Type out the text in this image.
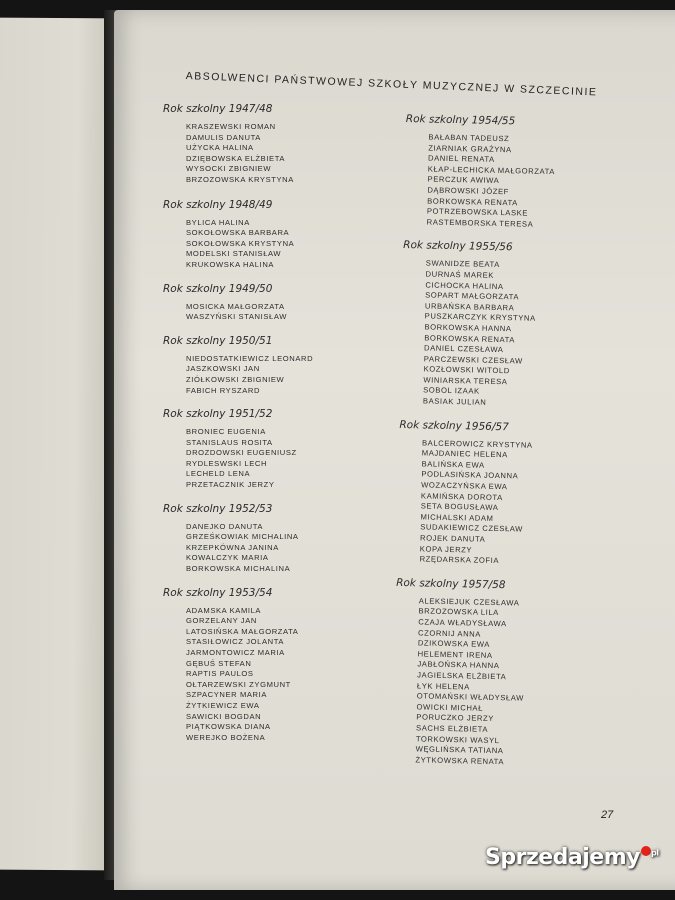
ABSOLWENCI PAŃSTWOWEJ SZKOŁY MUZYCZNEJ W SZCZECINIE
Rok szkolny 1947/48
KRASZEWSKI ROMAN
DAMULIS DANUTA
UŻYCKA HALINA
DZIĘBOWSKA ELŻBIETA
WYSOCKI ZBIGNIEW
BRZOZOWSKA KRYSTYNA
Rok szkolny 1948/49
BYLICA HALINA
SOKOŁOWSKA BARBARA
SOKOŁOWSKA KRYSTYNA
MODELSKI STANISŁAW
KRUKOWSKA HALINA
Rok szkolny 1949/50
MOSICKA MAŁGORZATA
WASZYŃSKI STANISŁAW
Rok szkolny 1950/51
NIEDOSTATKIEWICZ LEONARD
JASZKOWSKI JAN
ZIÓŁKOWSKI ZBIGNIEW
FABICH RYSZARD
Rok szkolny 1951/52
BRONIEC EUGENIA
STANISLAUS ROSITA
DROZDOWSKI EUGENIUSZ
RYDLESWSKI LECH
LECHELD LENA
PRZETACZNIK JERZY
Rok szkolny 1952/53
DANEJKO DANUTA
GRZEŚKOWIAK MICHALINA
KRZEPKÓWNA JANINA
KOWALCZYK MARIA
BORKOWSKA MICHALINA
Rok szkolny 1953/54
ADAMSKA KAMILA
GORZELANY JAN
LATOSIŃSKA MAŁGORZATA
STASIŁOWICZ JOLANTA
JARMONTOWICZ MARIA
GĘBUŚ STEFAN
RAPTIS PAULOS
OŁTARZEWSKI ZYGMUNT
SZPACYNER MARIA
ŻYTKIEWICZ EWA
SAWICKI BOGDAN
PIĄTKOWSKA DIANA
WEREJKO BOŻENA
Rok szkolny 1954/55
BAŁABAN TADEUSZ
ZIARNIAK GRAŻYNA
DANIEL RENATA
KŁAP-LECHICKA MAŁGORZATA
PERCZUK AWIWA
DĄBROWSKI JÓZEF
BORKOWSKA RENATA
POTRZEBOWSKA LASKE
RASTEMBORSKA TERESA
Rok szkolny 1955/56
SWANIDZE BEATA
DURNAŚ MAREK
CICHOCKA HALINA
SOPART MAŁGORZATA
URBAŃSKA BARBARA
PUSZKARCZYK KRYSTYNA
BORKOWSKA HANNA
BORKOWSKA RENATA
DANIEL CZESŁAWA
PARCZEWSKI CZESŁAW
KOZŁOWSKI WITOLD
WINIARSKA TERESA
SOBOL IZAAK
BASIAK JULIAN
Rok szkolny 1956/57
BALCEROWICZ KRYSTYNA
MAJDANIEC HELENA
BALIŃSKA EWA
PODLASIŃSKA JOANNA
WOZACZYŃSKA EWA
KAMIŃSKA DOROTA
SETA BOGUSŁAWA
MICHALSKI ADAM
SUDAKIEWICZ CZESŁAW
ROJEK DANUTA
KOPA JERZY
RZĘDARSKA ZOFIA
Rok szkolny 1957/58
ALEKSIEJUK CZESŁAWA
BRZOZOWSKA LILA
CZAJA WŁADYSŁAWA
CZORNIJ ANNA
DZIKOWSKA EWA
HELEMENT IRENA
JABŁOŃSKA HANNA
JAGIELSKA ELŻBIETA
ŁYK HELENA
OTOMAŃSKI WŁADYSŁAW
OWICKI MICHAŁ
PORUCZKO JERZY
SACHS ELŻBIETA
TORKOWSKI WASYL
WĘGLIŃSKA TATIANA
ŻYTKOWSKA RENATA
27
Sprzedajemy $^{pl}$
